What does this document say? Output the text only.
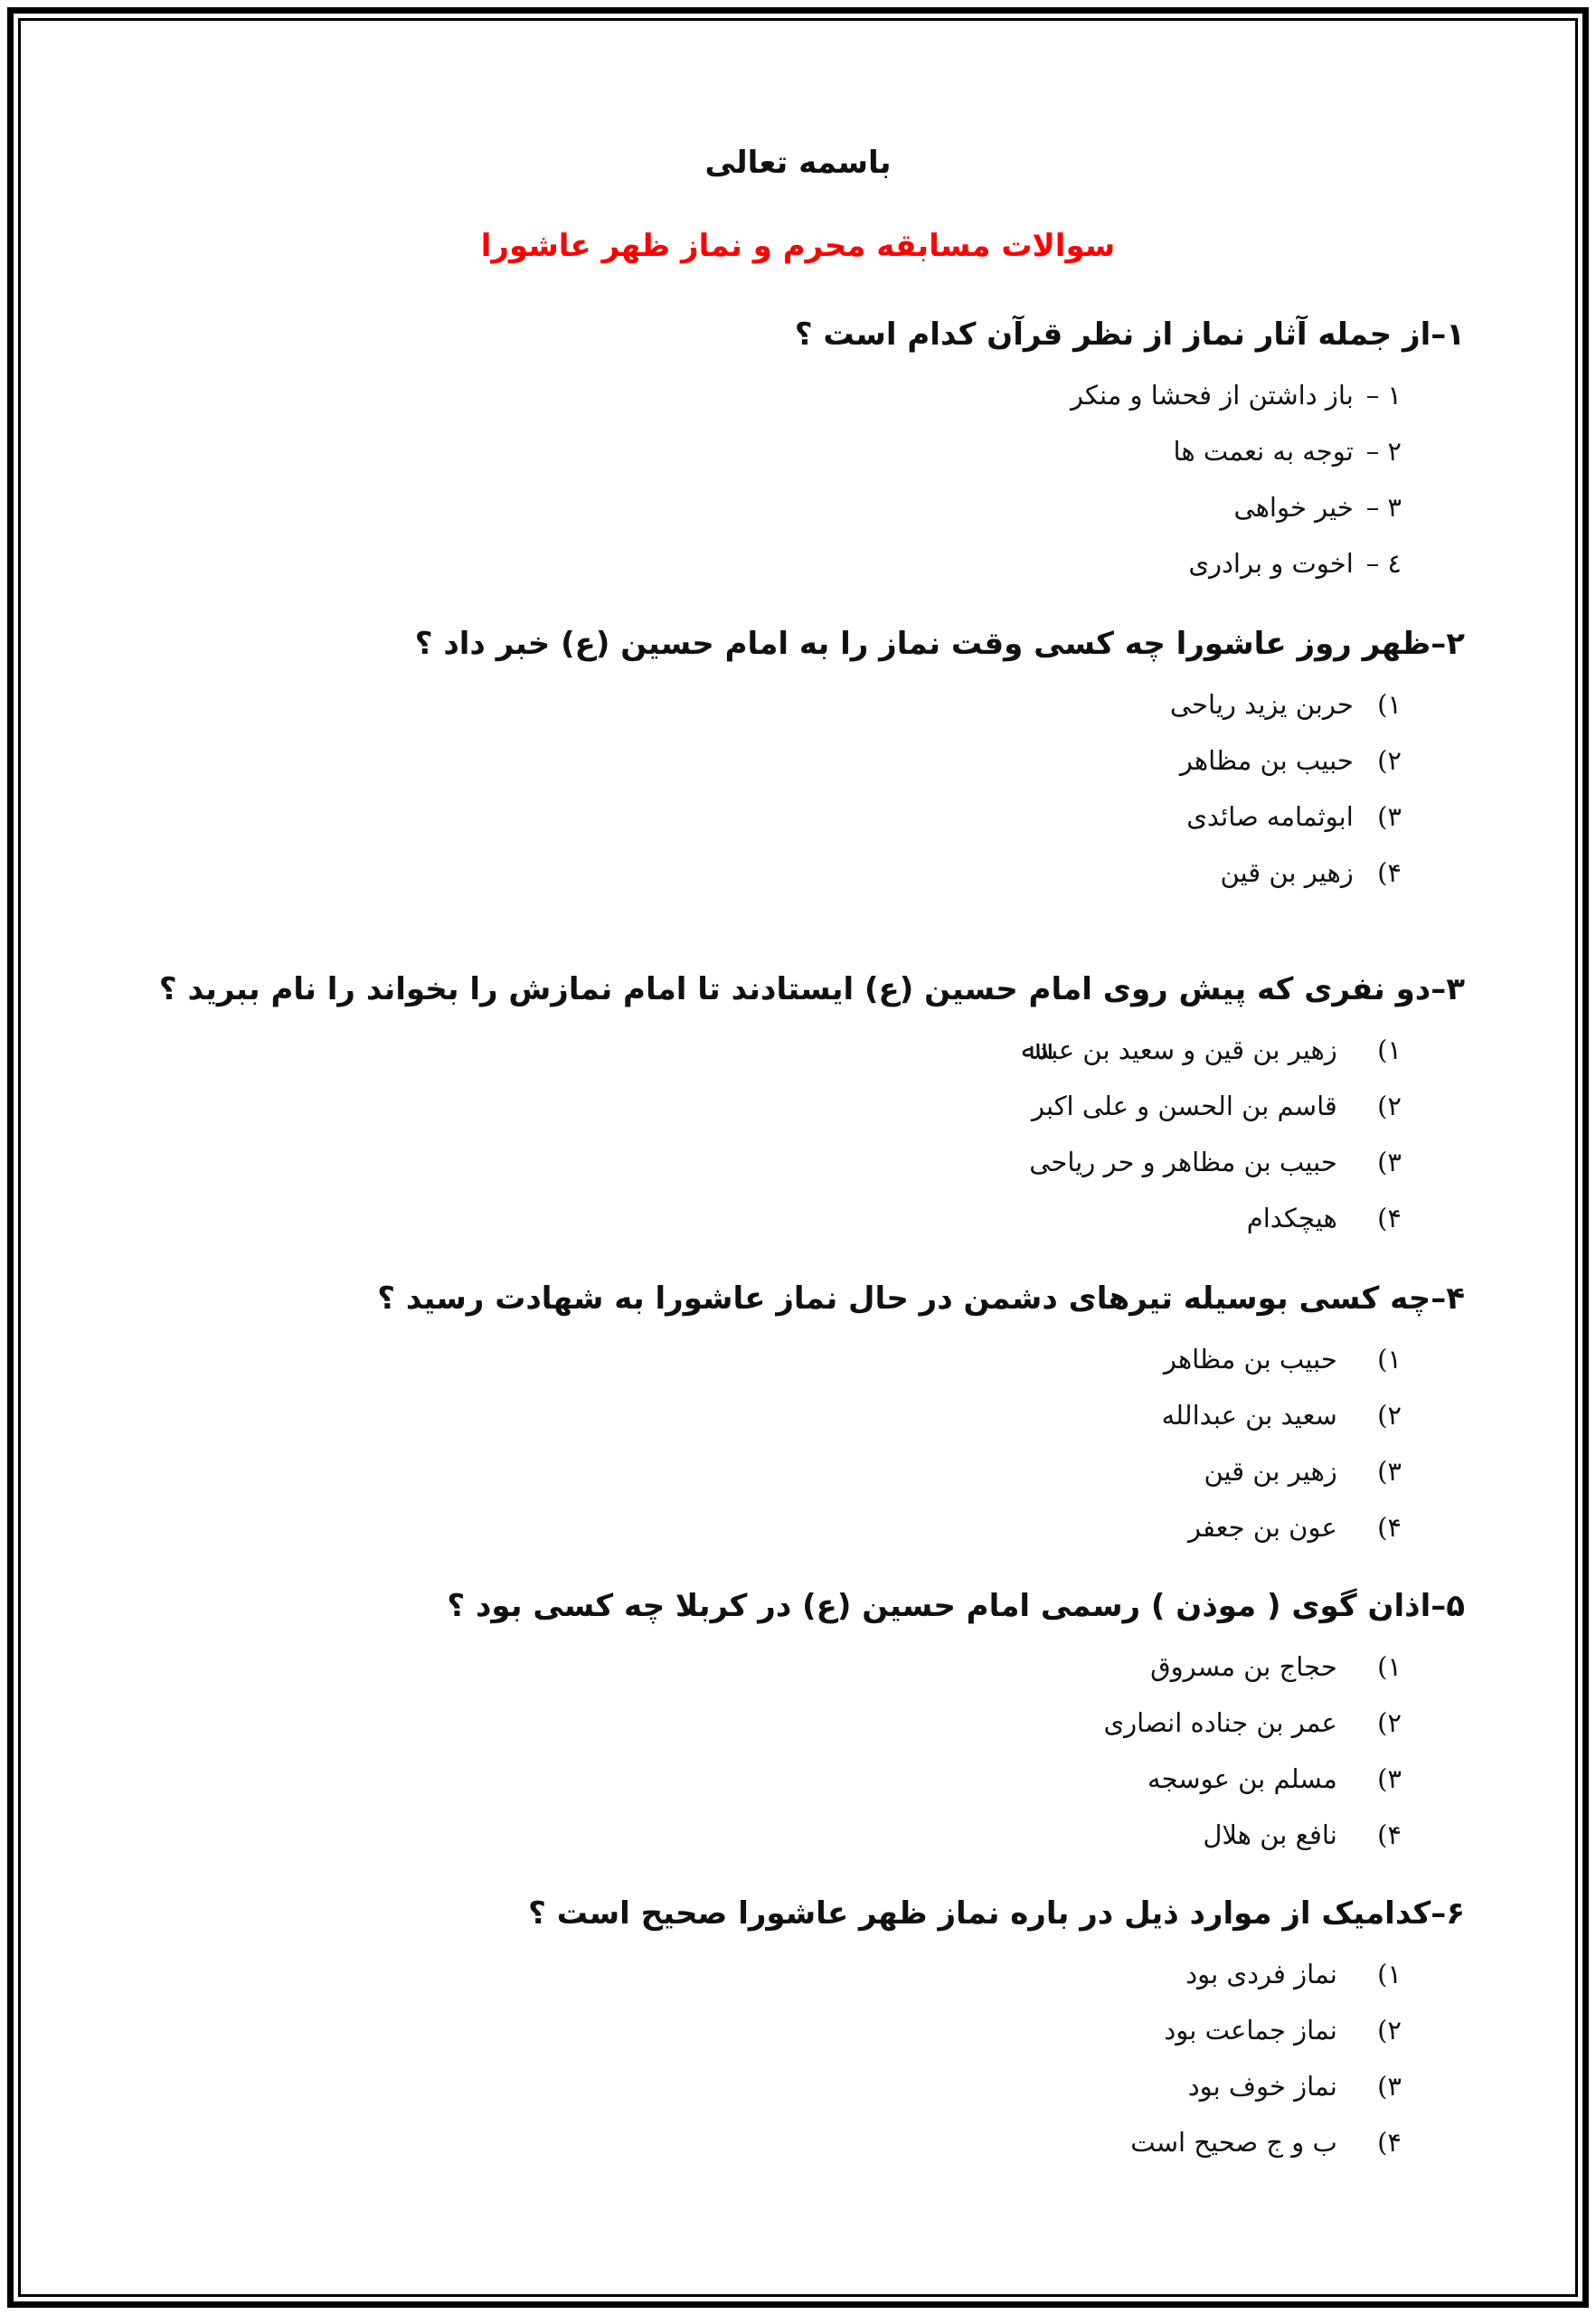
باسمه تعالی
سوالات مسابقه محرم و نماز ظهر عاشورا
۱–از جمله آثار نماز از نظر قرآن کدام است ؟
۱ – باز داشتن از فحشا و منکر
۲ – توجه به نعمت ها
۳ – خیر خواهی
٤ – اخوت و برادری
۲–ظهر روز عاشورا چه کسی وقت نماز را به امام حسین (ع) خبر داد ؟
۱) حربن یزید ریاحی
۲) حبیب بن مظاهر
۳) ابوثمامه صائدی
۴) زهیر بن قین
۳–دو نفری که پیش روی امام حسین (ع) ایستادند تا امام نمازش را بخواند را نام ببرید ؟
۱) زهیر بن قین و سعید بن عبدﷲ
۲) قاسم بن الحسن و علی اکبر
۳) حبیب بن مظاهر و حر ریاحی
۴) هیچکدام
۴–چه کسی بوسیله تیرهای دشمن در حال نماز عاشورا به شهادت رسید ؟
۱) حبیب بن مظاهر
۲) سعید بن عبدالله
۳) زهیر بن قین
۴) عون بن جعفر
۵–اذان گوی ( موذن ) رسمی امام حسین (ع) در کربلا چه کسی بود ؟
۱) حجاج بن مسروق
۲) عمر بن جناده انصاری
۳) مسلم بن عوسجه
۴) نافع بن هلال
۶–کدامیک از موارد ذیل در باره نماز ظهر عاشورا صحیح است ؟
۱) نماز فردی بود
۲) نماز جماعت بود
۳) نماز خوف بود
۴) ب و ج صحیح است
